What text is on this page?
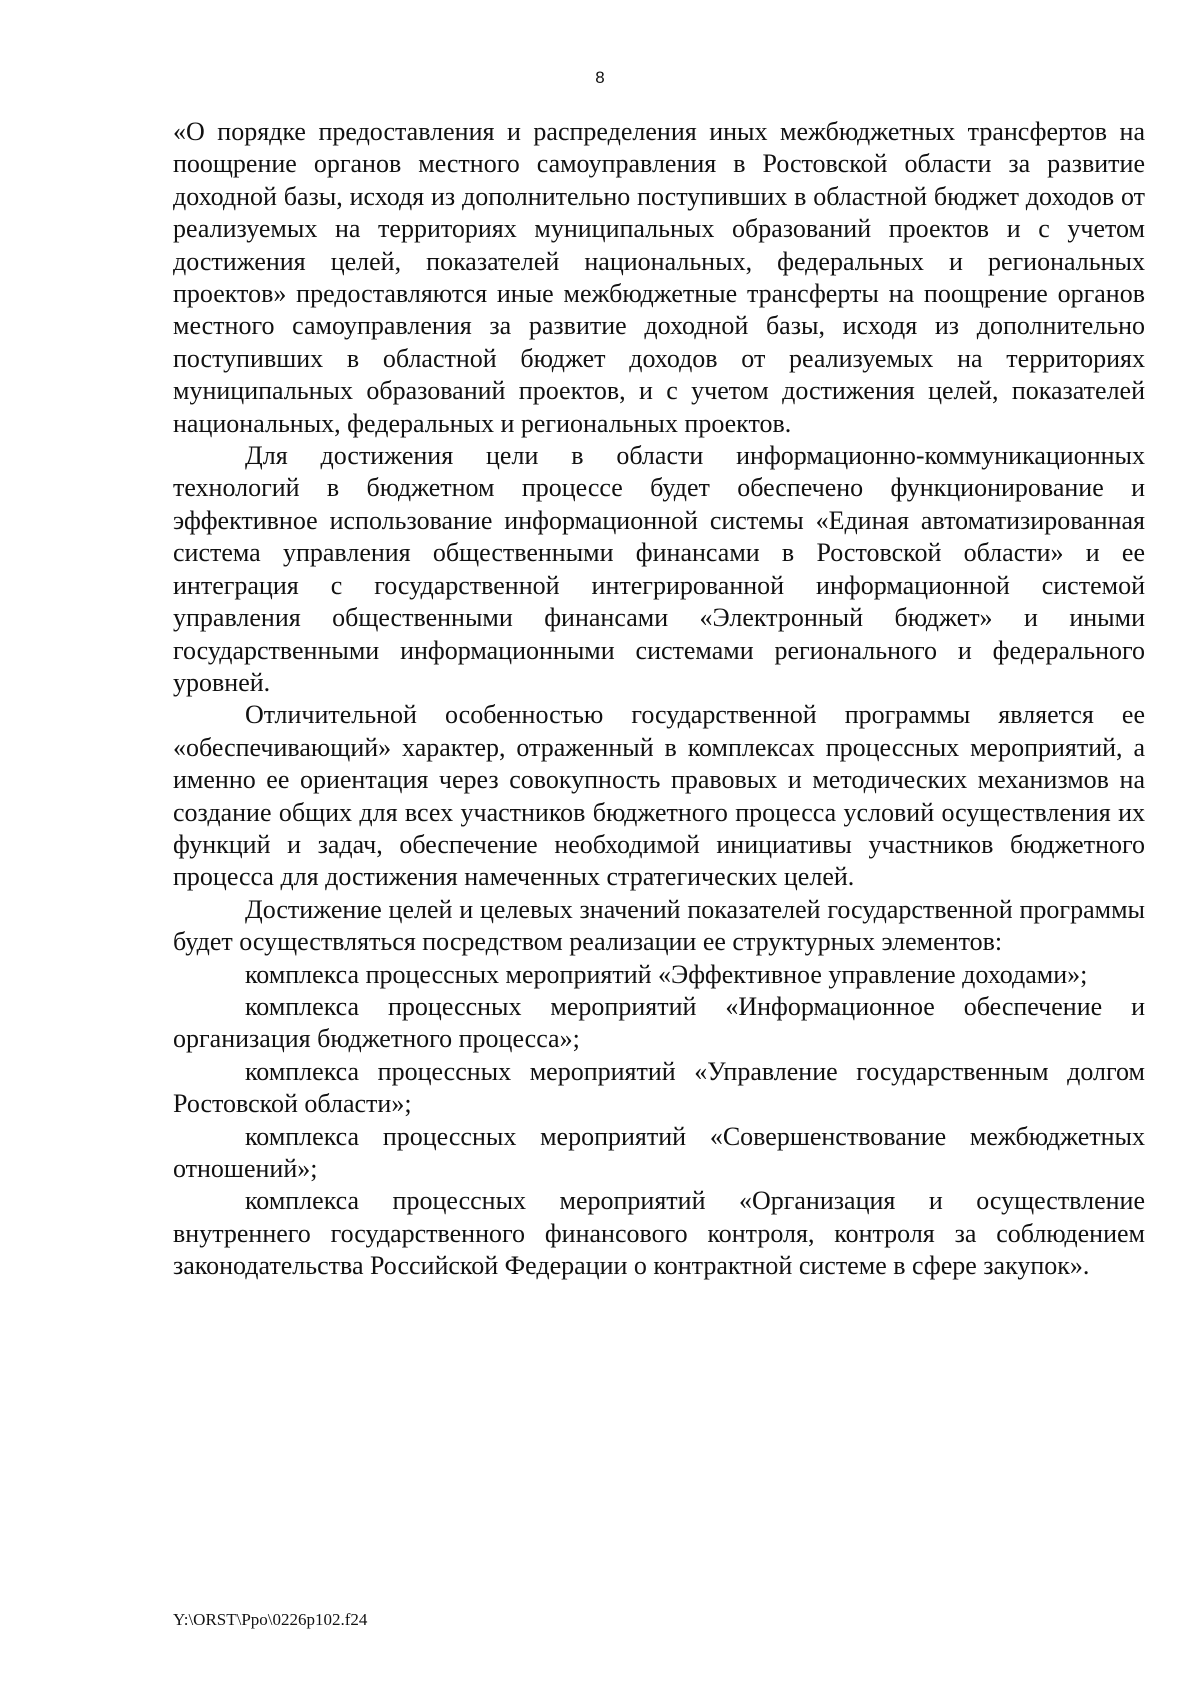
8

«О порядке предоставления и распределения иных межбюджетных трансфертов на поощрение органов местного самоуправления в Ростовской области за развитие доходной базы, исходя из дополнительно поступивших в областной бюджет доходов от реализуемых на территориях муниципальных образований проектов и с учетом достижения целей, показателей национальных, федеральных и региональных проектов» предоставляются иные межбюджетные трансферты на поощрение органов местного самоуправления за развитие доходной базы, исходя из дополнительно поступивших в областной бюджет доходов от реализуемых на территориях муниципальных образований проектов, и с учетом достижения целей, показателей национальных, федеральных и региональных проектов.

Для достижения цели в области информационно-коммуникационных технологий в бюджетном процессе будет обеспечено функционирование и эффективное использование информационной системы «Единая автоматизированная система управления общественными финансами в Ростовской области» и ее интеграция с государственной интегрированной информационной системой управления общественными финансами «Электронный бюджет» и иными государственными информационными системами регионального и федерального уровней.

Отличительной особенностью государственной программы является ее «обеспечивающий» характер, отраженный в комплексах процессных мероприятий, а именно ее ориентация через совокупность правовых и методических механизмов на создание общих для всех участников бюджетного процесса условий осуществления их функций и задач, обеспечение необходимой инициативы участников бюджетного процесса для достижения намеченных стратегических целей.

Достижение целей и целевых значений показателей государственной программы будет осуществляться посредством реализации ее структурных элементов:

комплекса процессных мероприятий «Эффективное управление доходами»;

комплекса процессных мероприятий «Информационное обеспечение и организация бюджетного процесса»;

комплекса процессных мероприятий «Управление государственным долгом Ростовской области»;

комплекса процессных мероприятий «Совершенствование межбюджетных отношений»;

комплекса процессных мероприятий «Организация и осуществление внутреннего государственного финансового контроля, контроля за соблюдением законодательства Российской Федерации о контрактной системе в сфере закупок».

Y:\ORST\Ppo\0226p102.f24
